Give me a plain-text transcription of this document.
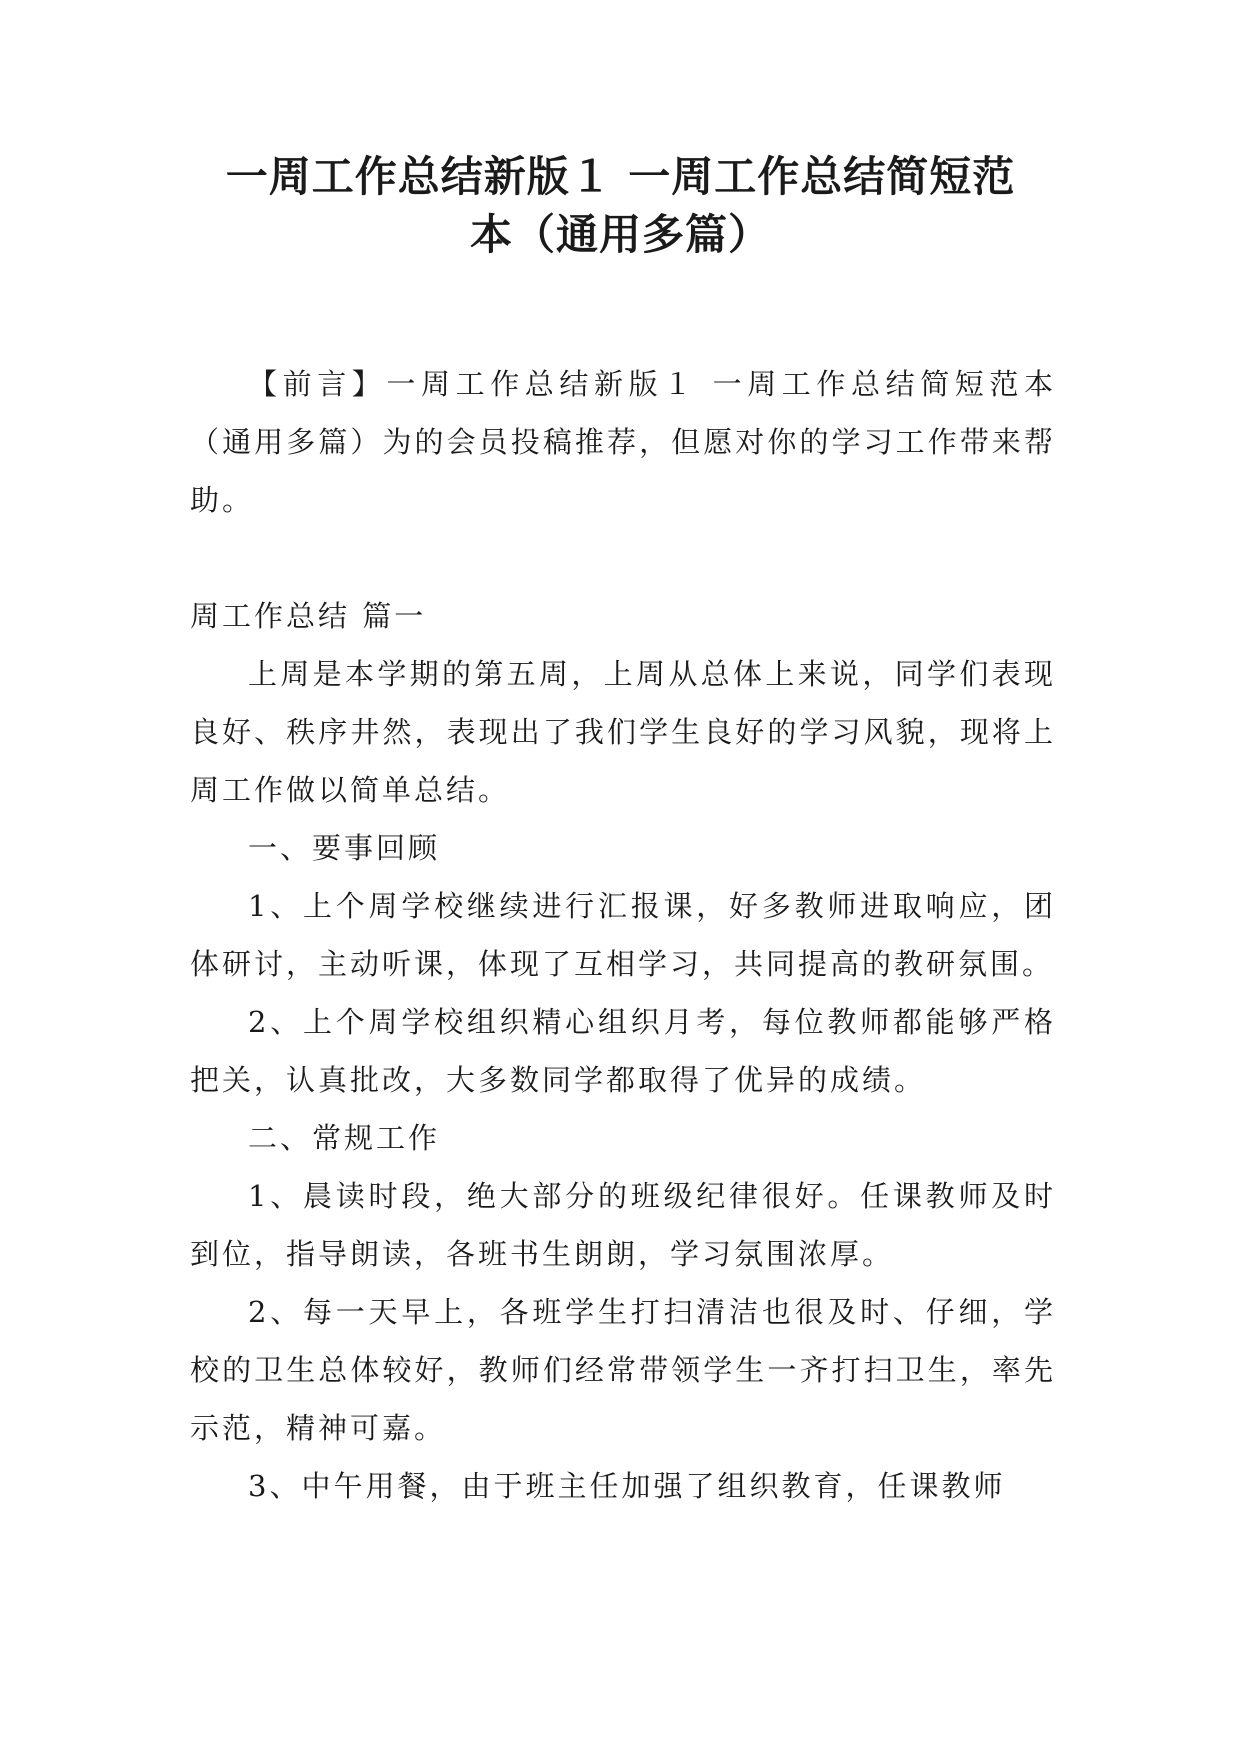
一周工作总结新版１ 一周工作总结简短范
本（通用多篇）

【前言】一周工作总结新版１ 一周工作总结简短范本（通用多篇）为的会员投稿推荐，但愿对你的学习工作带来帮助。

周工作总结 篇一

上周是本学期的第五周，上周从总体上来说，同学们表现良好、秩序井然，表现出了我们学生良好的学习风貌，现将上周工作做以简单总结。

一、要事回顾

1、上个周学校继续进行汇报课，好多教师进取响应，团体研讨，主动听课，体现了互相学习，共同提高的教研氛围。

2、上个周学校组织精心组织月考，每位教师都能够严格把关，认真批改，大多数同学都取得了优异的成绩。

二、常规工作

1、晨读时段，绝大部分的班级纪律很好。任课教师及时到位，指导朗读，各班书生朗朗，学习氛围浓厚。

2、每一天早上，各班学生打扫清洁也很及时、仔细，学校的卫生总体较好，教师们经常带领学生一齐打扫卫生，率先示范，精神可嘉。

3、中午用餐，由于班主任加强了组织教育，任课教师
